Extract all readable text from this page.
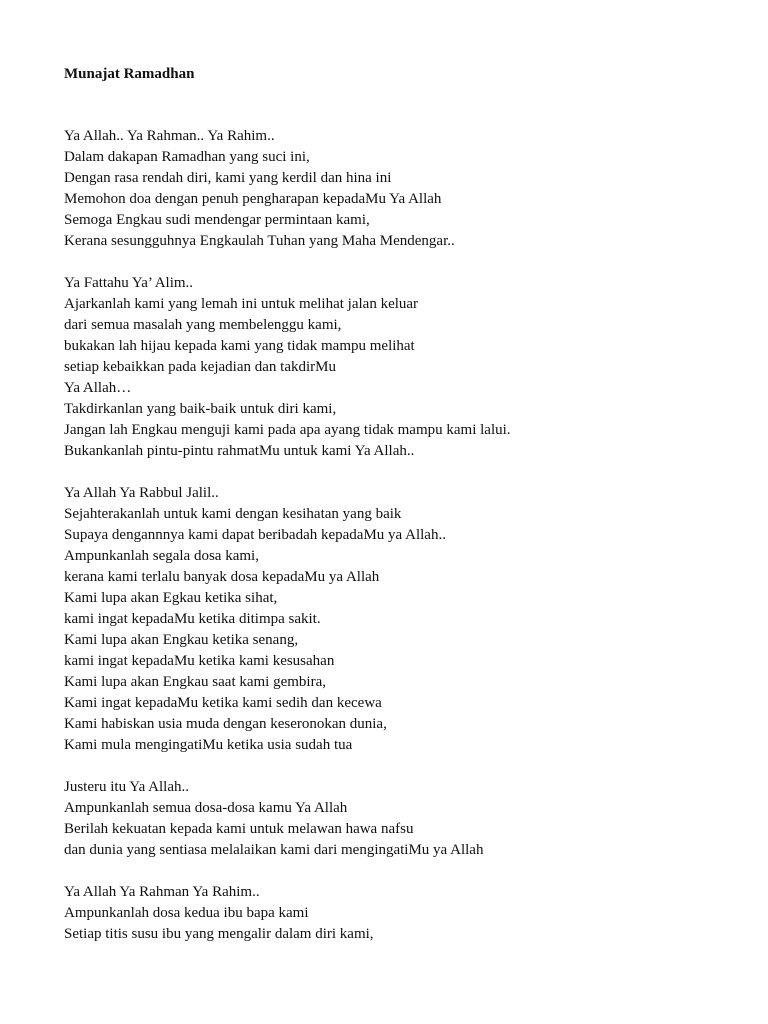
Munajat Ramadhan
Ya Allah.. Ya Rahman.. Ya Rahim..
Dalam dakapan Ramadhan yang suci ini,
Dengan rasa rendah diri, kami yang kerdil dan hina ini
Memohon doa dengan penuh pengharapan kepadaMu Ya Allah
Semoga Engkau sudi mendengar permintaan kami,
Kerana sesungguhnya Engkaulah Tuhan yang Maha Mendengar..
Ya Fattahu Ya’ Alim..
Ajarkanlah kami yang lemah ini untuk melihat jalan keluar
dari semua masalah yang membelenggu kami,
bukakan lah hijau kepada kami yang tidak mampu melihat
setiap kebaikkan pada kejadian dan takdirMu
Ya Allah…
Takdirkanlan yang baik-baik untuk diri kami,
Jangan lah Engkau menguji kami pada apa ayang tidak mampu kami lalui.
Bukankanlah pintu-pintu rahmatMu untuk kami Ya Allah..
Ya Allah Ya Rabbul Jalil..
Sejahterakanlah untuk kami dengan kesihatan yang baik
Supaya dengannnya kami dapat beribadah kepadaMu ya Allah..
Ampunkanlah segala dosa kami,
kerana kami terlalu banyak dosa kepadaMu ya Allah
Kami lupa akan Egkau ketika sihat,
kami ingat kepadaMu ketika ditimpa sakit.
Kami lupa akan Engkau ketika senang,
kami ingat kepadaMu ketika kami kesusahan
Kami lupa akan Engkau saat kami gembira,
Kami ingat kepadaMu ketika kami sedih dan kecewa
Kami habiskan usia muda dengan keseronokan dunia,
Kami mula mengingatiMu ketika usia sudah tua
Justeru itu Ya Allah..
Ampunkanlah semua dosa-dosa kamu Ya Allah
Berilah kekuatan kepada kami untuk melawan hawa nafsu
dan dunia yang sentiasa melalaikan kami dari mengingatiMu ya Allah
Ya Allah Ya Rahman Ya Rahim..
Ampunkanlah dosa kedua ibu bapa kami
Setiap titis susu ibu yang mengalir dalam diri kami,
